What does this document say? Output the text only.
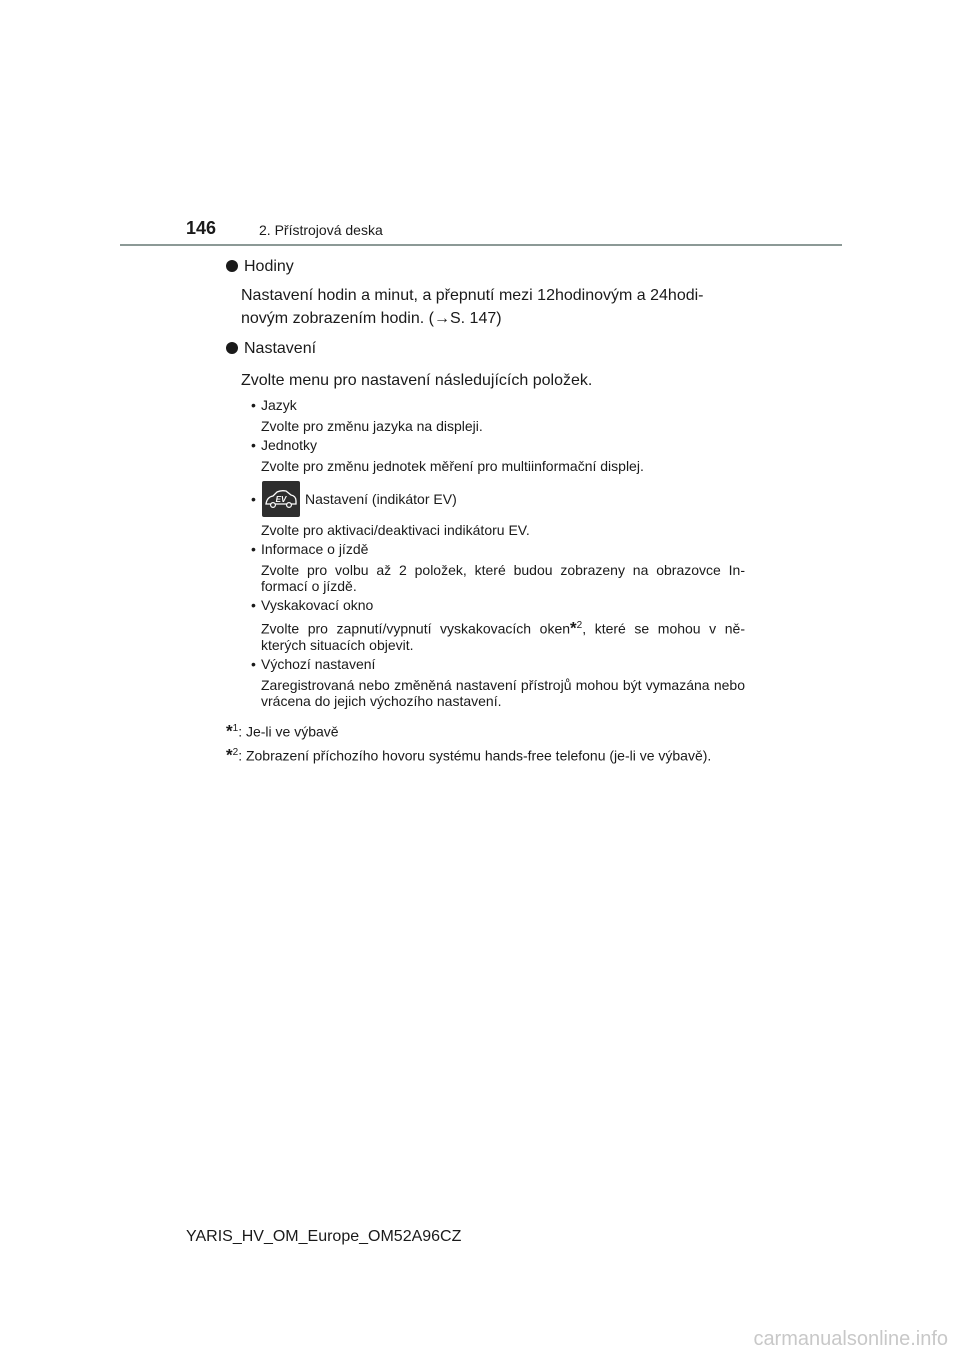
146	2. Přístrojová deska
Hodiny
Nastavení hodin a minut, a přepnutí mezi 12hodinovým a 24hodi-
novým zobrazením hodin. (→S. 147)
Nastavení
Zvolte menu pro nastavení následujících položek.
• Jazyk
Zvolte pro změnu jazyka na displeji.
• Jednotky
Zvolte pro změnu jednotek měření pro multiinformační displej.
•	EV Nastavení (indikátor EV)
Zvolte pro aktivaci/deaktivaci indikátoru EV.
• Informace o jízdě
Zvolte pro volbu až 2 položek, které budou zobrazeny na obrazovce In-formací o jízdě.
• Vyskakovací okno
Zvolte pro zapnutí/vypnutí vyskakovacích oken*$^2$, které se mohou v ně-kterých situacích objevit.
• Výchozí nastavení
Zaregistrovaná nebo změněná nastavení přístrojů mohou být vymazána nebo vrácena do jejich výchozího nastavení.
*$^1$: Je-li ve výbavě
*$^2$: Zobrazení příchozího hovoru systému hands-free telefonu (je-li ve výbavě).
YARIS_HV_OM_Europe_OM52A96CZ
carmanualsonline.info
